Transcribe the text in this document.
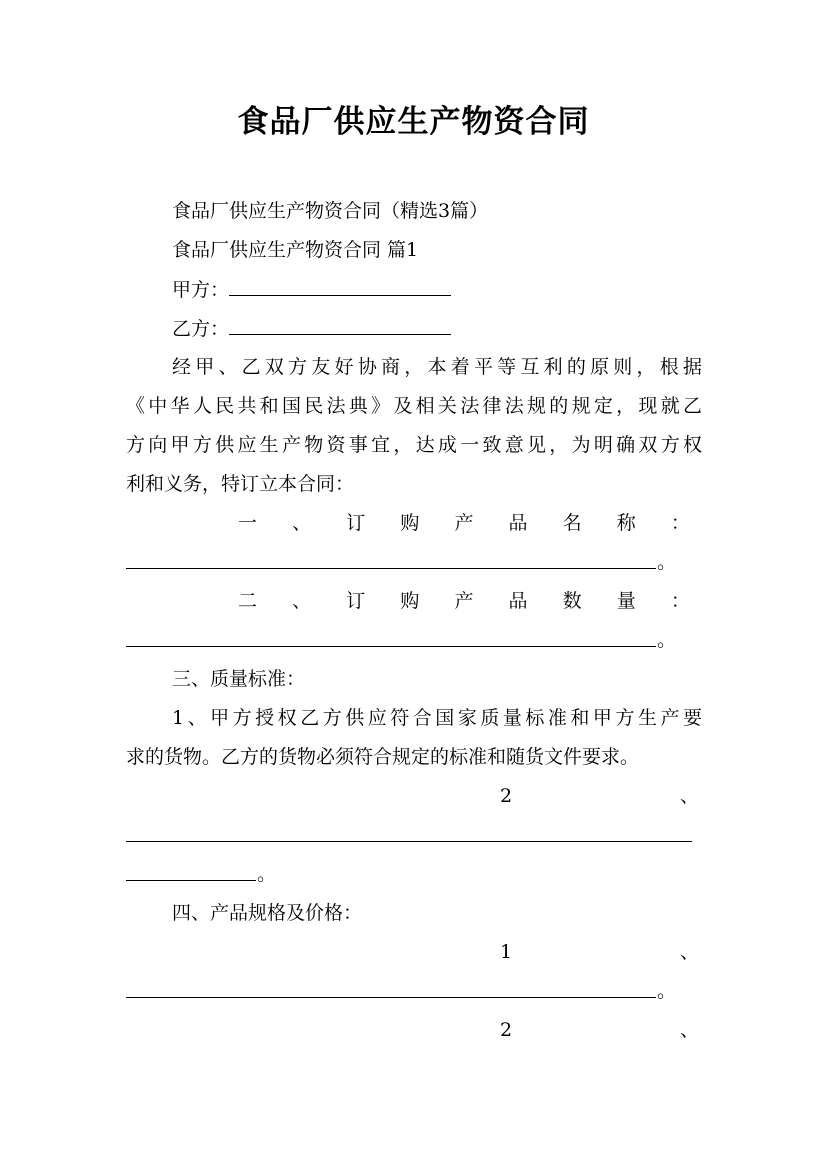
食品厂供应生产物资合同
食品厂供应生产物资合同（精选3篇）
食品厂供应生产物资合同 篇1
甲方：
乙方：
经甲、乙双方友好协商，本着平等互利的原则，根据
《中华人民共和国民法典》及相关法律法规的规定，现就乙
方向甲方供应生产物资事宜，达成一致意见，为明确双方权
利和义务，特订立本合同：
一 、 订 购 产 品 名 称 ：
。
二 、 订 购 产 品 数 量 ：
。
三、质量标准：
1、甲方授权乙方供应符合国家质量标准和甲方生产要
求的货物。乙方的货物必须符合规定的标准和随货文件要求。
2	、
。
四、产品规格及价格：
1	、
。
2	、
